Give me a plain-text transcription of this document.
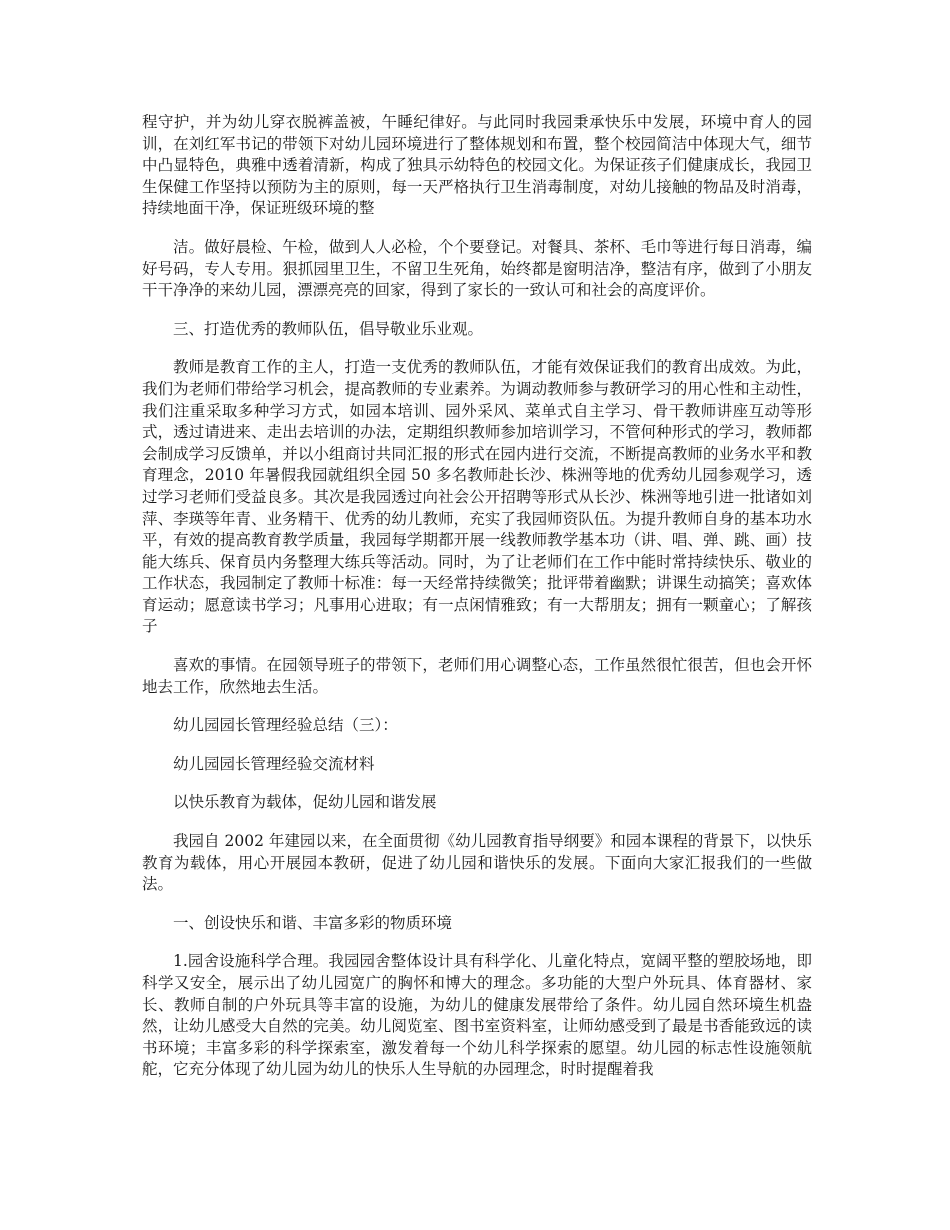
程守护，并为幼儿穿衣脱裤盖被，午睡纪律好。与此同时我园秉承快乐中发展，环境中育人的园训，在刘红军书记的带领下对幼儿园环境进行了整体规划和布置，整个校园简洁中体现大气，细节中凸显特色，典雅中透着清新，构成了独具示幼特色的校园文化。为保证孩子们健康成长，我园卫生保健工作坚持以预防为主的原则，每一天严格执行卫生消毒制度，对幼儿接触的物品及时消毒，持续地面干净，保证班级环境的整

洁。做好晨检、午检，做到人人必检，个个要登记。对餐具、茶杯、毛巾等进行每日消毒，编好号码，专人专用。狠抓园里卫生，不留卫生死角，始终都是窗明洁净，整洁有序，做到了小朋友干干净净的来幼儿园，漂漂亮亮的回家，得到了家长的一致认可和社会的高度评价。

三、打造优秀的教师队伍，倡导敬业乐业观。

教师是教育工作的主人，打造一支优秀的教师队伍，才能有效保证我们的教育出成效。为此，我们为老师们带给学习机会，提高教师的专业素养。为调动教师参与教研学习的用心性和主动性，我们注重采取多种学习方式，如园本培训、园外采风、菜单式自主学习、骨干教师讲座互动等形式，透过请进来、走出去培训的办法，定期组织教师参加培训学习，不管何种形式的学习，教师都会制成学习反馈单，并以小组商讨共同汇报的形式在园内进行交流，不断提高教师的业务水平和教育理念，2010 年暑假我园就组织全园 50 多名教师赴长沙、株洲等地的优秀幼儿园参观学习，透过学习老师们受益良多。其次是我园透过向社会公开招聘等形式从长沙、株洲等地引进一批诸如刘萍、李瑛等年青、业务精干、优秀的幼儿教师，充实了我园师资队伍。为提升教师自身的基本功水平，有效的提高教育教学质量，我园每学期都开展一线教师教学基本功（讲、唱、弹、跳、画）技能大练兵、保育员内务整理大练兵等活动。同时，为了让老师们在工作中能时常持续快乐、敬业的工作状态，我园制定了教师十标准：每一天经常持续微笑；批评带着幽默；讲课生动搞笑；喜欢体育运动；愿意读书学习；凡事用心进取；有一点闲情雅致；有一大帮朋友；拥有一颗童心；了解孩子

喜欢的事情。在园领导班子的带领下，老师们用心调整心态，工作虽然很忙很苦，但也会开怀地去工作，欣然地去生活。

幼儿园园长管理经验总结（三）：

幼儿园园长管理经验交流材料

以快乐教育为载体，促幼儿园和谐发展

我园自 2002 年建园以来，在全面贯彻《幼儿园教育指导纲要》和园本课程的背景下，以快乐教育为载体，用心开展园本教研，促进了幼儿园和谐快乐的发展。下面向大家汇报我们的一些做法。

一、创设快乐和谐、丰富多彩的物质环境

1.园舍设施科学合理。我园园舍整体设计具有科学化、儿童化特点，宽阔平整的塑胶场地，即科学又安全，展示出了幼儿园宽广的胸怀和博大的理念。多功能的大型户外玩具、体育器材、家长、教师自制的户外玩具等丰富的设施，为幼儿的健康发展带给了条件。幼儿园自然环境生机盎然，让幼儿感受大自然的完美。幼儿阅览室、图书室资料室，让师幼感受到了最是书香能致远的读书环境；丰富多彩的科学探索室，激发着每一个幼儿科学探索的愿望。幼儿园的标志性设施领航舵，它充分体现了幼儿园为幼儿的快乐人生导航的办园理念，时时提醒着我
